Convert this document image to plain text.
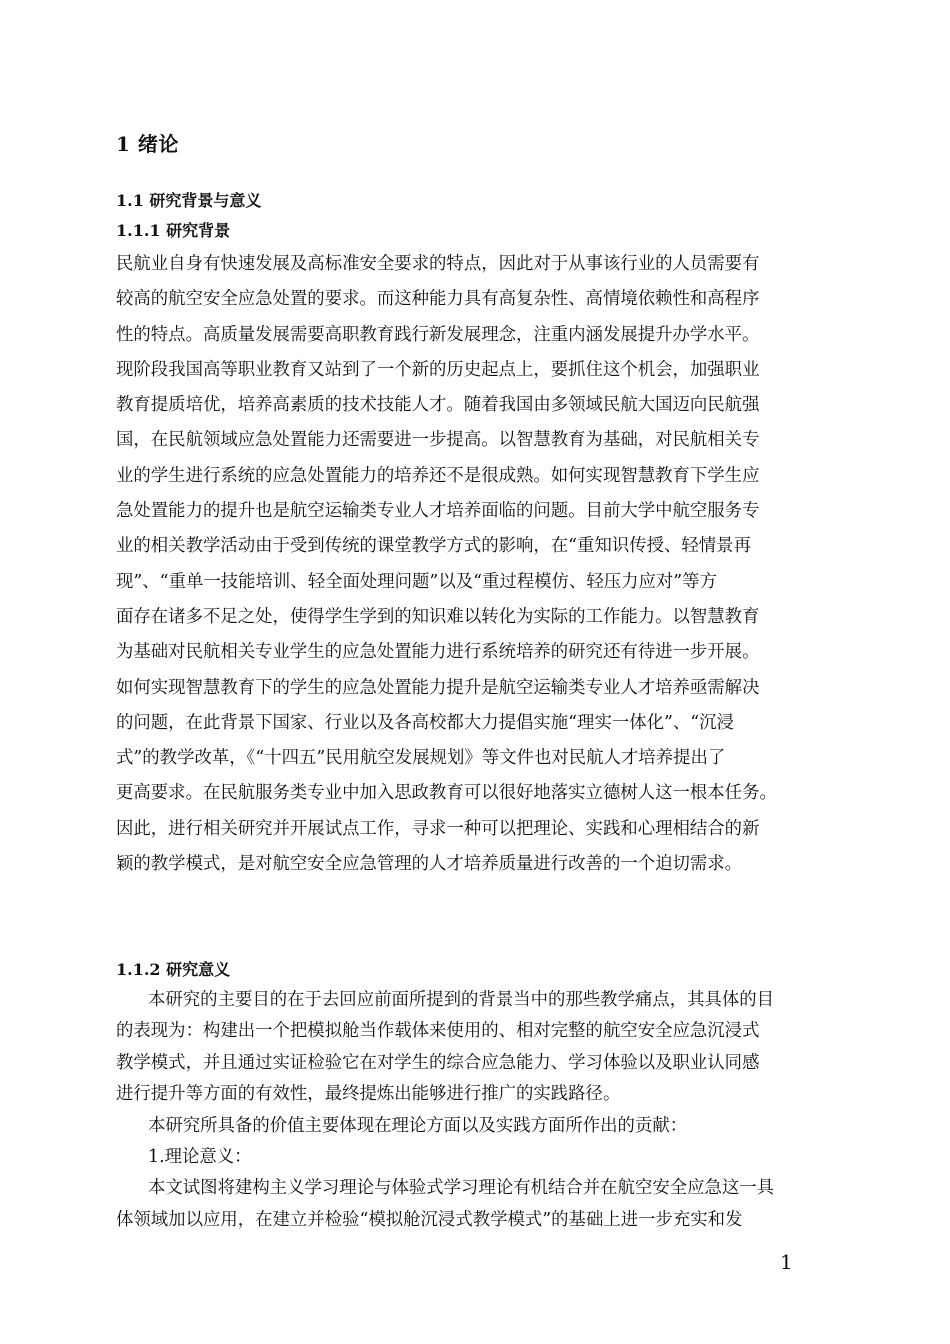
1 绪论
1.1 研究背景与意义
1.1.1 研究背景
民航业自身有快速发展及高标准安全要求的特点，因此对于从事该行业的人员需要有
较高的航空安全应急处置的要求。而这种能力具有高复杂性、高情境依赖性和高程序
性的特点。高质量发展需要高职教育践行新发展理念，注重内涵发展提升办学水平。
现阶段我国高等职业教育又站到了一个新的历史起点上，要抓住这个机会，加强职业
教育提质培优，培养高素质的技术技能人才。随着我国由多领域民航大国迈向民航强
国，在民航领域应急处置能力还需要进一步提高。以智慧教育为基础，对民航相关专
业的学生进行系统的应急处置能力的培养还不是很成熟。如何实现智慧教育下学生应
急处置能力的提升也是航空运输类专业人才培养面临的问题。目前大学中航空服务专
业的相关教学活动由于受到传统的课堂教学方式的影响，在“重知识传授、轻情景再
现”、“重单一技能培训、轻全面处理问题”以及“重过程模仿、轻压力应对”等方
面存在诸多不足之处，使得学生学到的知识难以转化为实际的工作能力。以智慧教育
为基础对民航相关专业学生的应急处置能力进行系统培养的研究还有待进一步开展。
如何实现智慧教育下的学生的应急处置能力提升是航空运输类专业人才培养亟需解决
的问题，在此背景下国家、行业以及各高校都大力提倡实施“理实一体化”、“沉浸
式”的教学改革，《“十四五”民用航空发展规划》等文件也对民航人才培养提出了
更高要求。在民航服务类专业中加入思政教育可以很好地落实立德树人这一根本任务。
因此，进行相关研究并开展试点工作，寻求一种可以把理论、实践和心理相结合的新
颖的教学模式，是对航空安全应急管理的人才培养质量进行改善的一个迫切需求。
1.1.2 研究意义
本研究的主要目的在于去回应前面所提到的背景当中的那些教学痛点，其具体的目
的表现为：构建出一个把模拟舱当作载体来使用的、相对完整的航空安全应急沉浸式
教学模式，并且通过实证检验它在对学生的综合应急能力、学习体验以及职业认同感
进行提升等方面的有效性，最终提炼出能够进行推广的实践路径。
本研究所具备的价值主要体现在理论方面以及实践方面所作出的贡献：
1.理论意义：
本文试图将建构主义学习理论与体验式学习理论有机结合并在航空安全应急这一具
体领域加以应用，在建立并检验“模拟舱沉浸式教学模式”的基础上进一步充实和发
1
